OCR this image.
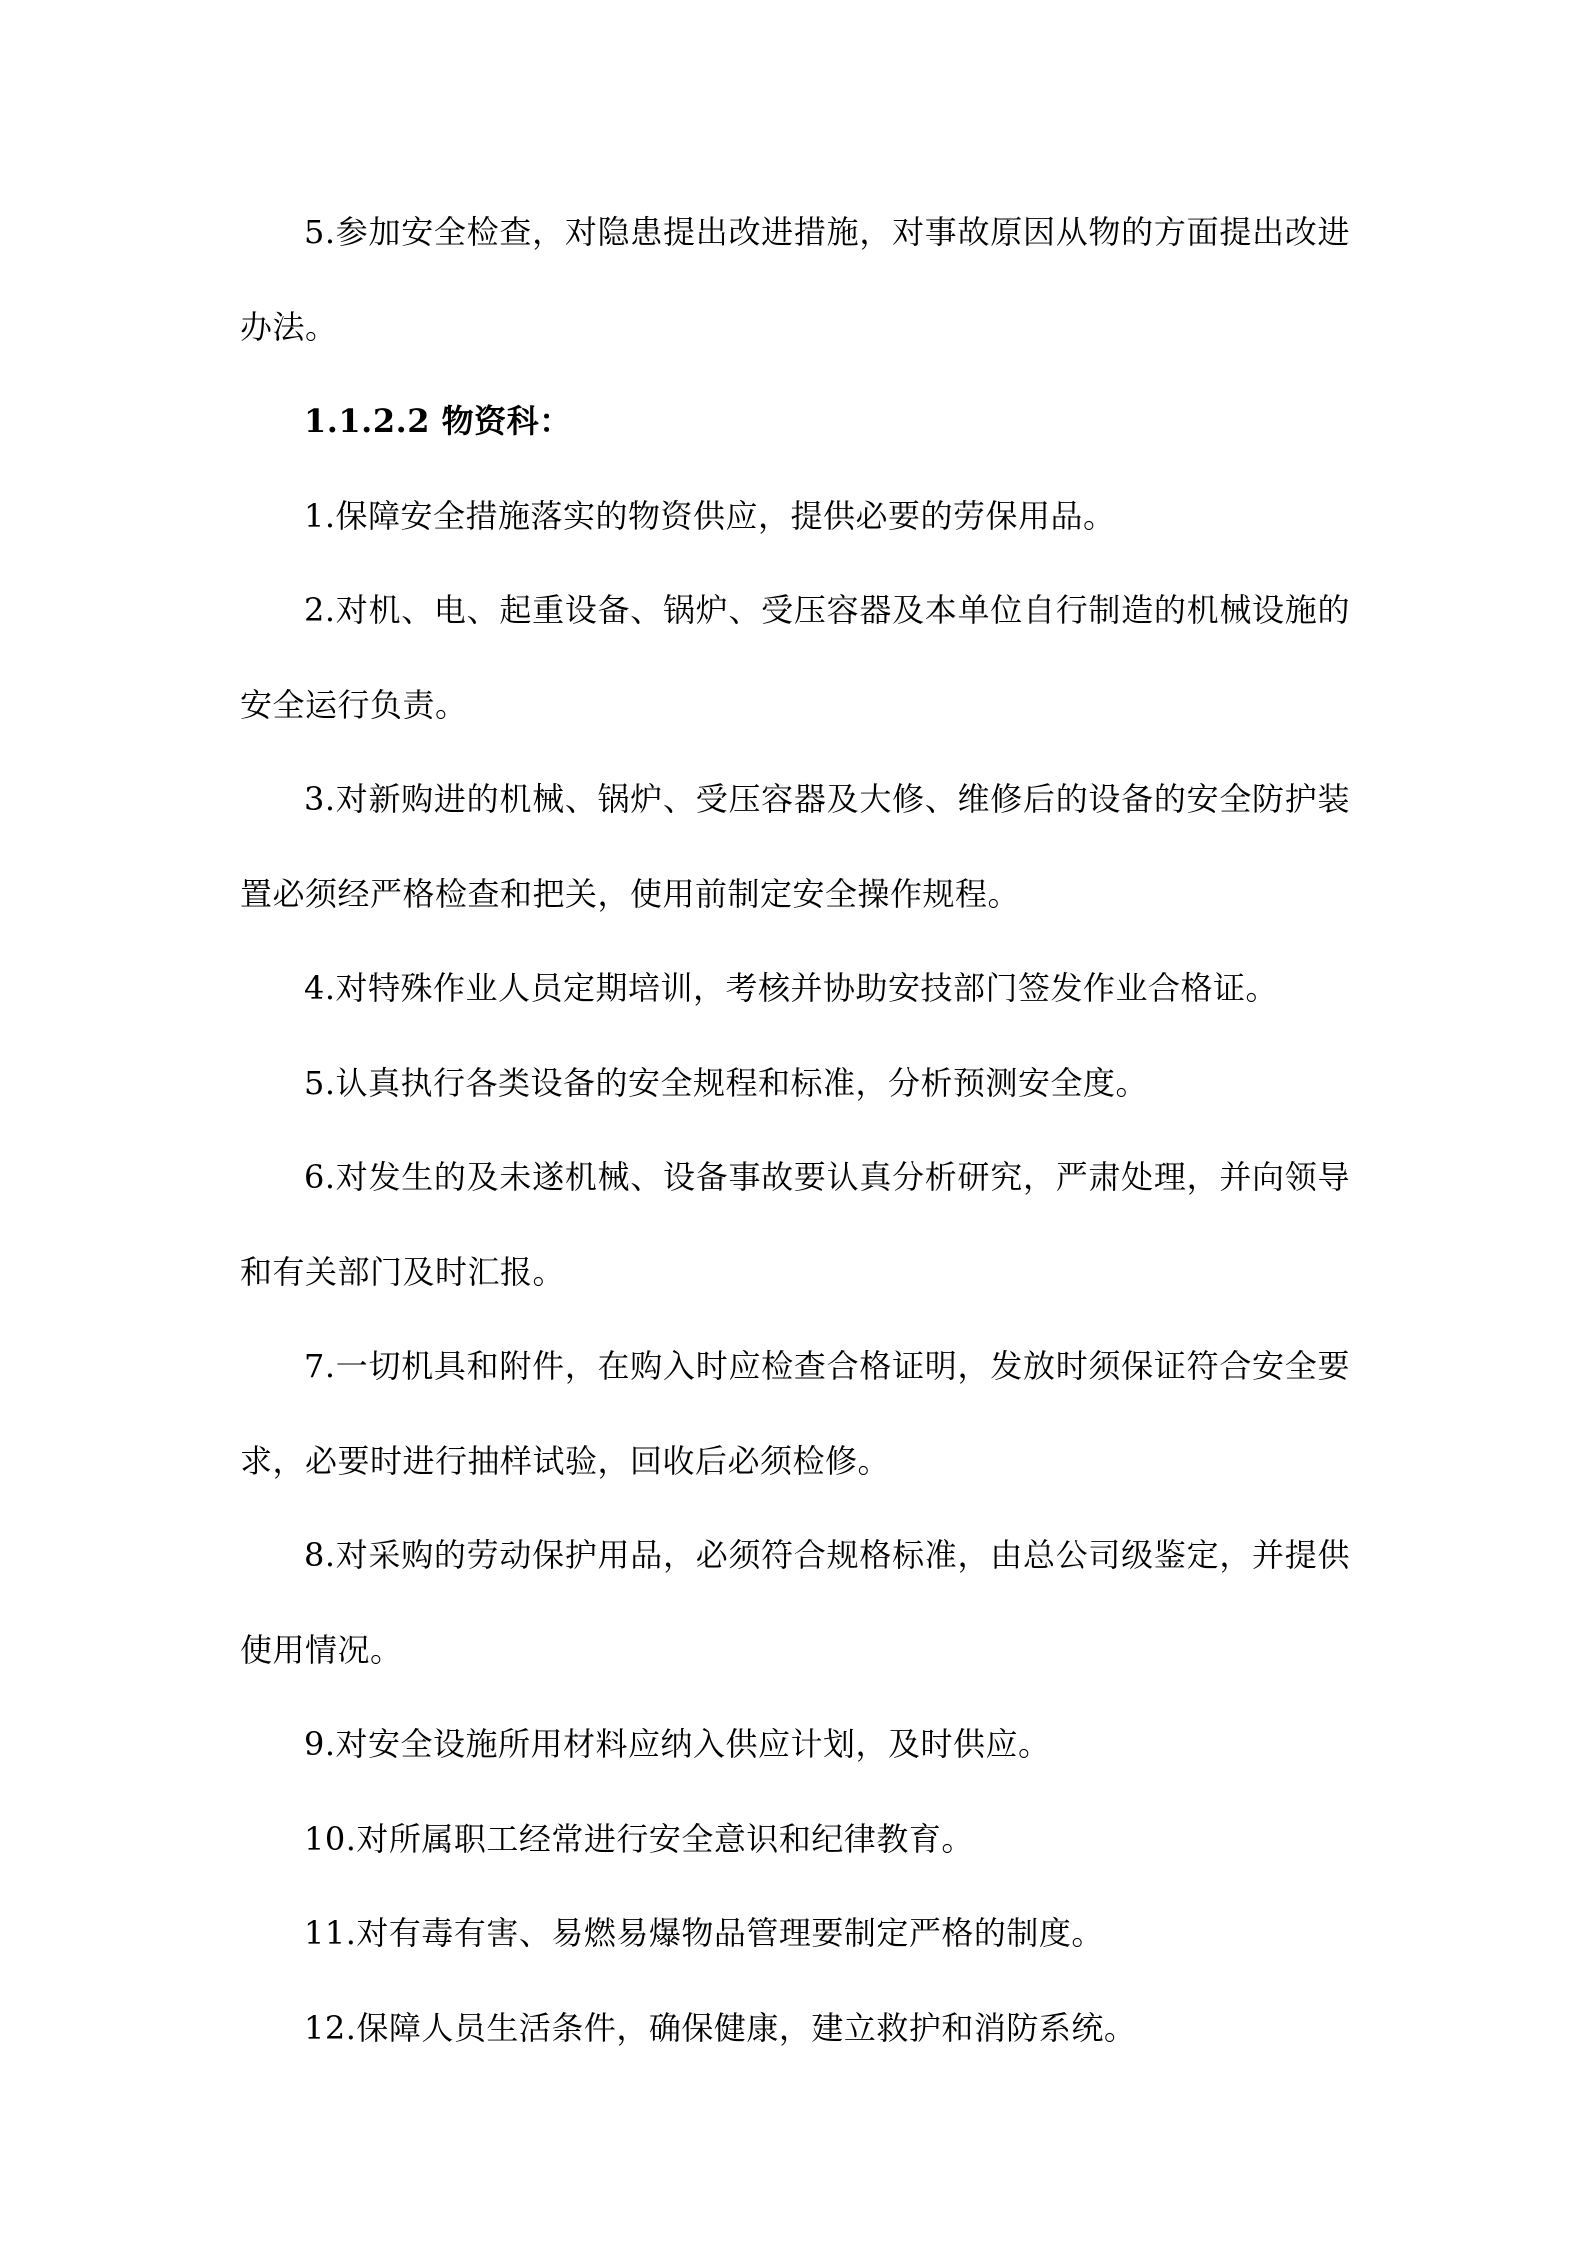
5.参加安全检查，对隐患提出改进措施，对事故原因从物的方面提出改进办法。

1.1.2.2 物资科：

1.保障安全措施落实的物资供应，提供必要的劳保用品。

2.对机、电、起重设备、锅炉、受压容器及本单位自行制造的机械设施的安全运行负责。

3.对新购进的机械、锅炉、受压容器及大修、维修后的设备的安全防护装置必须经严格检查和把关，使用前制定安全操作规程。

4.对特殊作业人员定期培训，考核并协助安技部门签发作业合格证。

5.认真执行各类设备的安全规程和标准，分析预测安全度。

6.对发生的及未遂机械、设备事故要认真分析研究，严肃处理，并向领导和有关部门及时汇报。

7.一切机具和附件，在购入时应检查合格证明，发放时须保证符合安全要求，必要时进行抽样试验，回收后必须检修。

8.对采购的劳动保护用品，必须符合规格标准，由总公司级鉴定，并提供使用情况。

9.对安全设施所用材料应纳入供应计划，及时供应。

10.对所属职工经常进行安全意识和纪律教育。

11.对有毒有害、易燃易爆物品管理要制定严格的制度。

12.保障人员生活条件，确保健康，建立救护和消防系统。
